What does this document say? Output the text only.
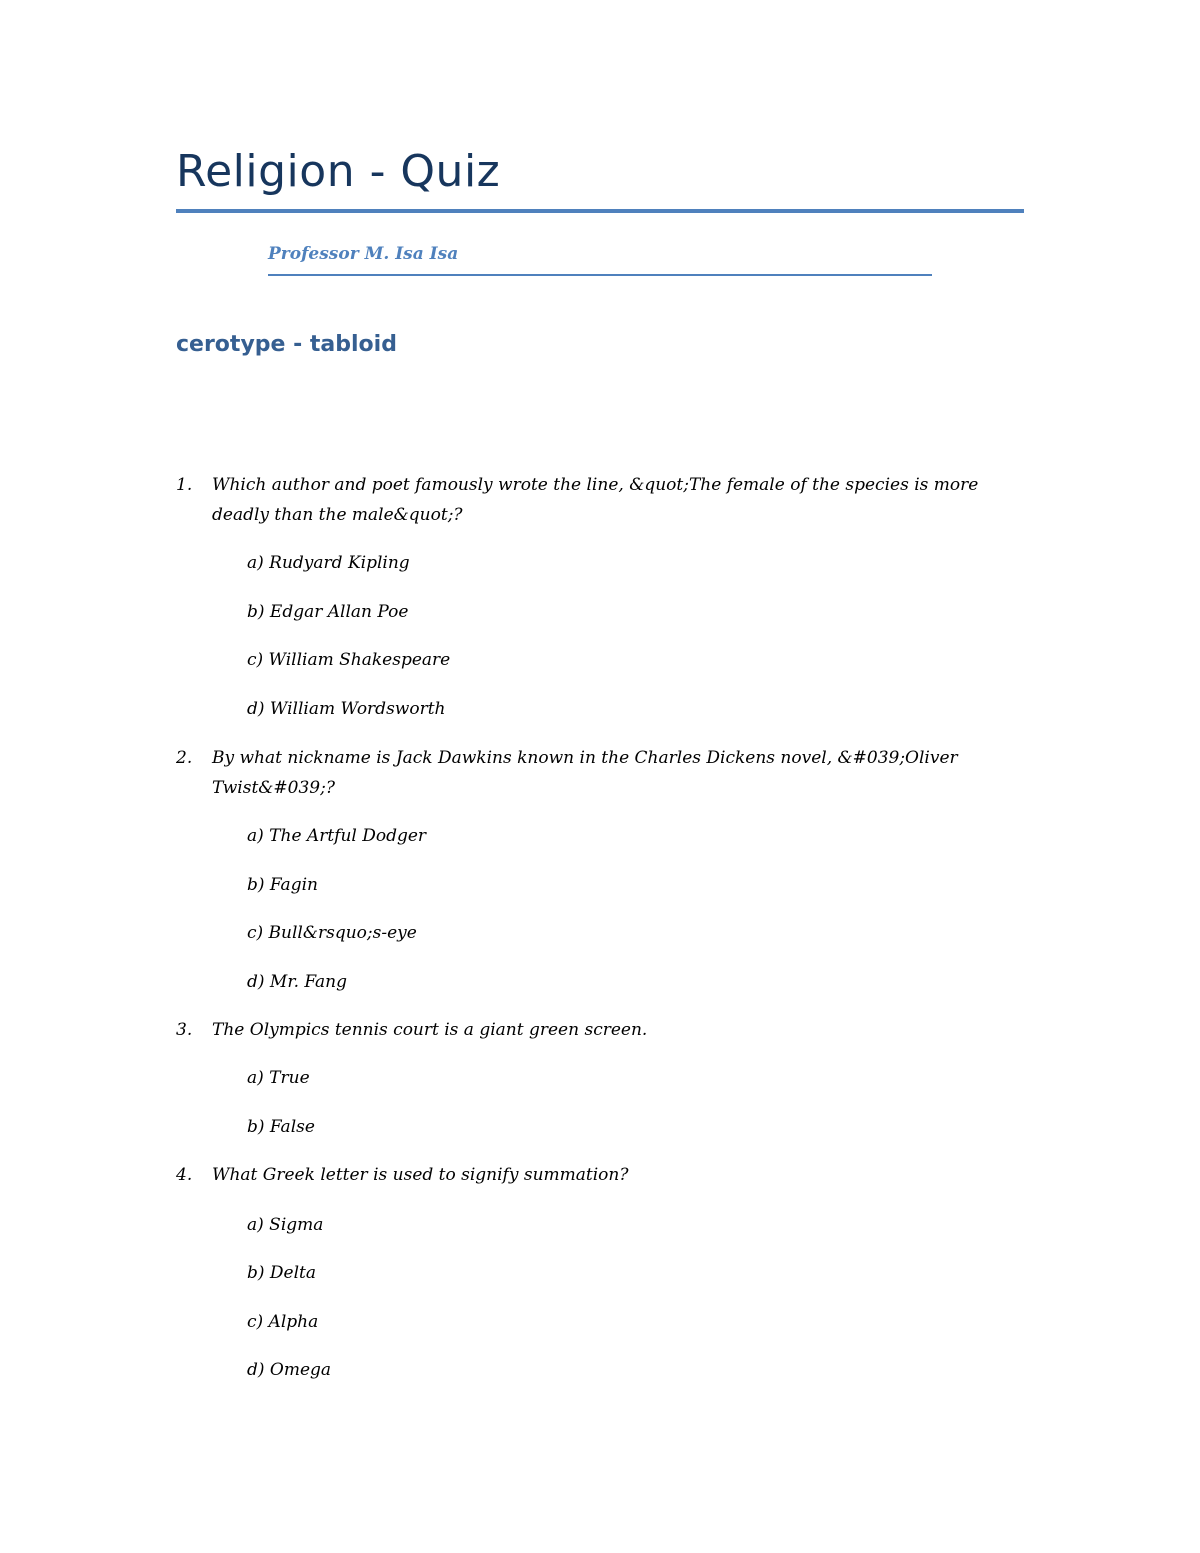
Religion - Quiz
Professor M. Isa Isa
cerotype - tabloid
1. Which author and poet famously wrote the line, &quot;The female of the species is more
deadly than the male&quot;?
a) Rudyard Kipling
b) Edgar Allan Poe
c) William Shakespeare
d) William Wordsworth
2. By what nickname is Jack Dawkins known in the Charles Dickens novel, &#039;Oliver
Twist&#039;?
a) The Artful Dodger
b) Fagin
c) Bull&rsquo;s-eye
d) Mr. Fang
3. The Olympics tennis court is a giant green screen.
a) True
b) False
4. What Greek letter is used to signify summation?
a) Sigma
b) Delta
c) Alpha
d) Omega
